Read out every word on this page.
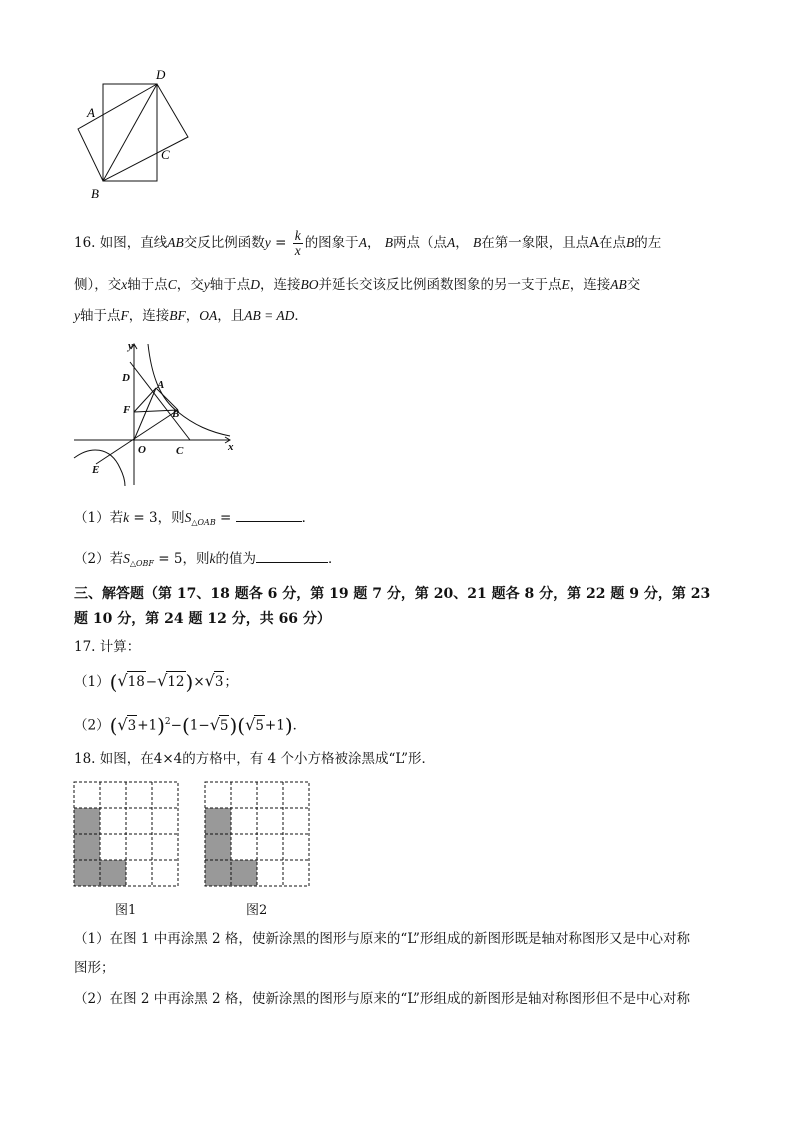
D
A
C
B
16. 如图，直线AB交反比例函数$y = \frac{k}{x}$ 的图象于A， B两点（点A， B在第一象限，且点A在点B的左
侧），交x轴于点C，交y轴于点D，连接BO并延长交该反比例函数图象的另一支于点E，连接AB交
y轴于点F，连接BF，OA，且AB = AD．
y
x
O
A
B
C
D
E
F
（1）若k = 3，则$S_{\triangle OAB}$ =	．
（2）若$S_{\triangle OBF} = 5$，则k的值为	．
三、解答题（第 17、18 题各 6 分，第 19 题 7 分，第 20、21 题各 8 分，第 22 题 9 分，第 23
题 10 分，第 24 题 12 分，共 66 分）
17. 计算：
（1）(√18−√12)×√3；
$(2)(√3+1)^2-(1-√5)(√5+1)$．
18. 如图，在4×4的方格中，有 4 个小方格被涂黑成“L”形．
图1	图2
（1）在图 1 中再涂黑 2 格，使新涂黑的图形与原来的“L”形组成的新图形既是轴对称图形又是中心对称
图形；
（2）在图 2 中再涂黑 2 格，使新涂黑的图形与原来的“L”形组成的新图形是轴对称图形但不是中心对称
